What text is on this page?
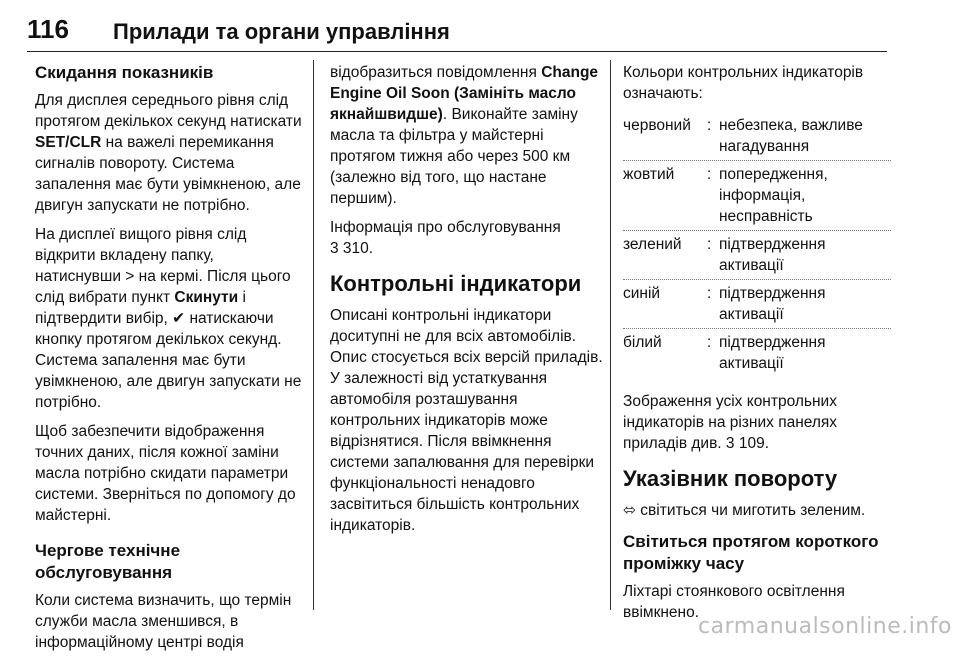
116	Прилади та органи управління
Скидання показників

Для дисплея середнього рівня слід протягом декількох секунд натискати SET/CLR на важелі перемикання сигналів повороту. Система запалення має бути увімкненою, але двигун запускати не потрібно.

На дисплеї вищого рівня слід відкрити вкладену папку, натиснувши > на кермі. Після цього слід вибрати пункт Скинути і підтвердити вибір, ✔ натискаючи кнопку протягом декількох секунд. Система запалення має бути увімкненою, але двигун запускати не потрібно.

Щоб забезпечити відображення точних даних, після кожної заміни масла потрібно скидати параметри системи. Зверніться по допомогу до майстерні.

Чергове технічне обслуговування

Коли система визначить, що термін служби масла зменшився, в інформаційному центрі водія

відобразиться повідомлення Change Engine Oil Soon (Замініть масло якнайшвидше). Виконайте заміну масла та фільтра у майстерні протягом тижня або через 500 км (залежно від того, що настане першим).

Інформація про обслуговування
3 310.

Контрольні індикатори

Описані контрольні індикатори доситупні не для всіх автомобілів. Опис стосується всіх версій приладів. У залежності від устаткування автомобіля розташування контрольних індикаторів може відрізнятися. Після ввімкнення системи запалювання для перевірки функціональності ненадовго засвітиться більшість контрольних індикаторів.

Кольори контрольних індикаторів означають:

червоний	: небезпека, важливе нагадування
жовтий	: попередження, інформація, несправність
зелений	: підтвердження активації
синій	: підтвердження активації
білий	: підтвердження активації

Зображення усіх контрольних індикаторів на різних панелях приладів див. 3 109.

Указівник повороту

⬄ світиться чи миготить зеленим.

Світиться протягом короткого проміжку часу

Ліхтарі стоянкового освітлення ввімкнено.

carmanualsonline.info
